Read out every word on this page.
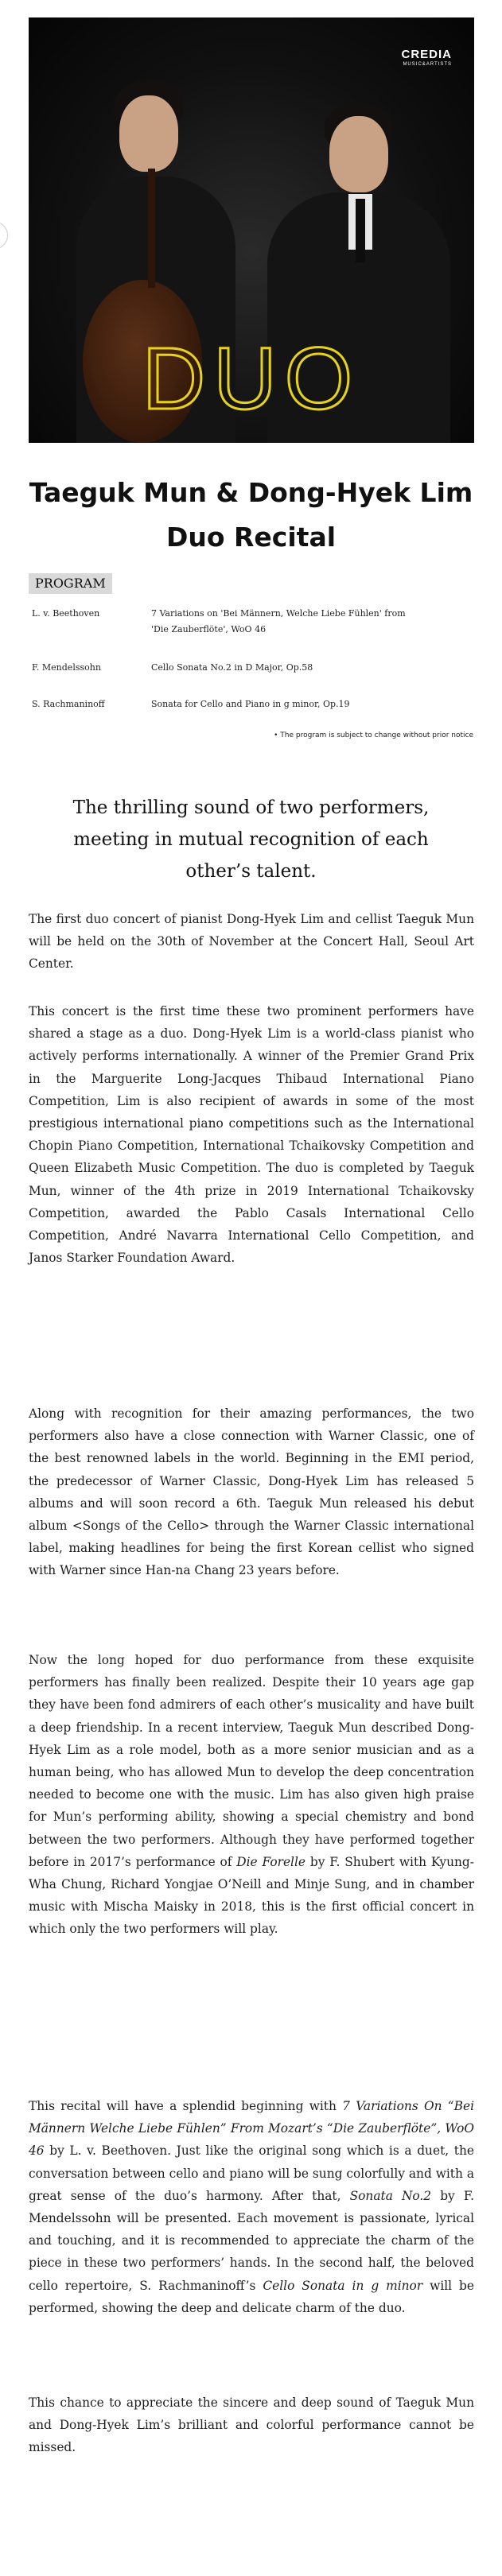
CREDIA
MUSIC&ARTISTS
DUO
Taeguk Mun & Dong-Hyek Lim
Duo Recital
PROGRAM
L. v. Beethoven	7 Variations on 'Bei Männern, Welche Liebe Fühlen' from
'Die Zauberflöte', WoO 46
F. Mendelssohn	Cello Sonata No.2 in D Major, Op.58
S. Rachmaninoff	Sonata for Cello and Piano in g minor, Op.19
• The program is subject to change without prior notice
The thrilling sound of two performers, meeting in mutual recognition of each other’s talent.

The first duo concert of pianist Dong-Hyek Lim and cellist Taeguk Mun will be held on the 30th of November at the Concert Hall, Seoul Art Center.

This concert is the first time these two prominent performers have shared a stage as a duo. Dong-Hyek Lim is a world-class pianist who actively performs internationally. A winner of the Premier Grand Prix in the Marguerite Long-Jacques Thibaud International Piano Competition, Lim is also recipient of awards in some of the most prestigious international piano competitions such as the International Chopin Piano Competition, International Tchaikovsky Competition and Queen Elizabeth Music Competition. The duo is completed by Taeguk Mun, winner of the 4th prize in 2019 International Tchaikovsky Competition, awarded the Pablo Casals International Cello Competition, André Navarra International Cello Competition, and Janos Starker Foundation Award.

Along with recognition for their amazing performances, the two performers also have a close connection with Warner Classic, one of the best renowned labels in the world. Beginning in the EMI period, the predecessor of Warner Classic, Dong-Hyek Lim has released 5 albums and will soon record a 6th. Taeguk Mun released his debut album <Songs of the Cello> through the Warner Classic international label, making headlines for being the first Korean cellist who signed with Warner since Han-na Chang 23 years before.

Now the long hoped for duo performance from these exquisite performers has finally been realized. Despite their 10 years age gap they have been fond admirers of each other’s musicality and have built a deep friendship. In a recent interview, Taeguk Mun described Dong-Hyek Lim as a role model, both as a more senior musician and as a human being, who has allowed Mun to develop the deep concentration needed to become one with the music. Lim has also given high praise for Mun’s performing ability, showing a special chemistry and bond between the two performers. Although they have performed together before in 2017’s performance of Die Forelle by F. Shubert with Kyung-Wha Chung, Richard Yongjae O’Neill and Minje Sung, and in chamber music with Mischa Maisky in 2018, this is the first official concert in which only the two performers will play.

This recital will have a splendid beginning with 7 Variations On “Bei Männern Welche Liebe Fühlen” From Mozart’s “Die Zauberflöte”, WoO 46 by L. v. Beethoven. Just like the original song which is a duet, the conversation between cello and piano will be sung colorfully and with a great sense of the duo’s harmony. After that, Sonata No.2 by F. Mendelssohn will be presented. Each movement is passionate, lyrical and touching, and it is recommended to appreciate the charm of the piece in these two performers’ hands. In the second half, the beloved cello repertoire, S. Rachmaninoff’s Cello Sonata in g minor will be performed, showing the deep and delicate charm of the duo.

This chance to appreciate the sincere and deep sound of Taeguk Mun and Dong-Hyek Lim’s brilliant and colorful performance cannot be missed.
